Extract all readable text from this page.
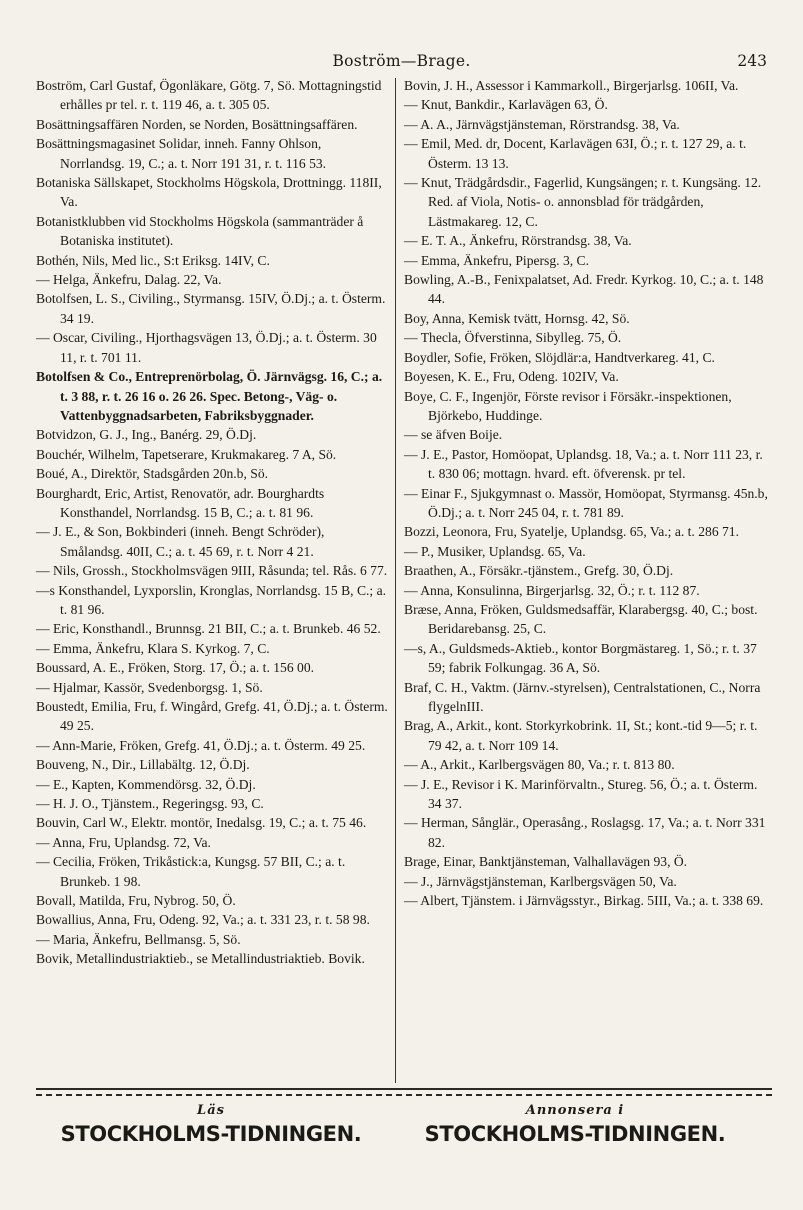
Boström—Brage.	243
Boström, Carl Gustaf, Ögonläkare, Götg. 7, Sö. Mottagningstid erhålles pr tel. r. t. 119 46, a. t. 305 05.
Bosättningsaffären Norden, se Norden, Bosättningsaffären.
Bosättningsmagasinet Solidar, inneh. Fanny Ohlson, Norrlandsg. 19, C.; a. t. Norr 191 31, r. t. 116 53.
Botaniska Sällskapet, Stockholms Högskola, Drottningg. 118II, Va.
Botanistklubben vid Stockholms Högskola (sammanträder å Botaniska institutet).
Bothén, Nils, Med lic., S:t Eriksg. 14IV, C.
— Helga, Änkefru, Dalag. 22, Va.
Botolfsen, L. S., Civiling., Styrmansg. 15IV, Ö.Dj.; a. t. Österm. 34 19.
— Oscar, Civiling., Hjorthagsvägen 13, Ö.Dj.; a. t. Österm. 30 11, r. t. 701 11.
Botolfsen & Co., Entreprenörbolag, Ö. Järnvägsg. 16, C.; a. t. 3 88, r. t. 26 16 o. 26 26. Spec. Betong-, Väg- o. Vattenbyggnadsarbeten, Fabriksbyggnader.
Botvidzon, G. J., Ing., Banérg. 29, Ö.Dj.
Bouchér, Wilhelm, Tapetserare, Krukmakareg. 7 A, Sö.
Boué, A., Direktör, Stadsgården 20n.b, Sö.
Bourghardt, Eric, Artist, Renovatör, adr. Bourghardts Konsthandel, Norrlandsg. 15 B, C.; a. t. 81 96.
— J. E., & Son, Bokbinderi (inneh. Bengt Schröder), Smålandsg. 40II, C.; a. t. 45 69, r. t. Norr 4 21.
— Nils, Grossh., Stockholmsvägen 9III, Råsunda; tel. Rås. 6 77.
—s Konsthandel, Lyxporslin, Kronglas, Norrlandsg. 15 B, C.; a. t. 81 96.
— Eric, Konsthandl., Brunnsg. 21 BII, C.; a. t. Brunkeb. 46 52.
— Emma, Änkefru, Klara S. Kyrkog. 7, C.
Boussard, A. E., Fröken, Storg. 17, Ö.; a. t. 156 00.
— Hjalmar, Kassör, Svedenborgsg. 1, Sö.
Boustedt, Emilia, Fru, f. Wingård, Grefg. 41, Ö.Dj.; a. t. Österm. 49 25.
— Ann-Marie, Fröken, Grefg. 41, Ö.Dj.; a. t. Österm. 49 25.
Bouveng, N., Dir., Lillabältg. 12, Ö.Dj.
— E., Kapten, Kommendörsg. 32, Ö.Dj.
— H. J. O., Tjänstem., Regeringsg. 93, C.
Bouvin, Carl W., Elektr. montör, Inedalsg. 19, C.; a. t. 75 46.
— Anna, Fru, Uplandsg. 72, Va.
— Cecilia, Fröken, Trikåstick:a, Kungsg. 57 BII, C.; a. t. Brunkeb. 1 98.
Bovall, Matilda, Fru, Nybrog. 50, Ö.
Bowallius, Anna, Fru, Odeng. 92, Va.; a. t. 331 23, r. t. 58 98.
— Maria, Änkefru, Bellmansg. 5, Sö.
Bovik, Metallindustriaktieb., se Metallindustriaktieb. Bovik.
Bovin, J. H., Assessor i Kammarkoll., Birgerjarlsg. 106II, Va.
— Knut, Bankdir., Karlavägen 63, Ö.
— A. A., Järnvägstjänsteman, Rörstrandsg. 38, Va.
— Emil, Med. dr, Docent, Karlavägen 63I, Ö.; r. t. 127 29, a. t. Österm. 13 13.
— Knut, Trädgårdsdir., Fagerlid, Kungsängen; r. t. Kungsäng. 12. Red. af Viola, Notis- o. annonsblad för trädgården, Lästmakareg. 12, C.
— E. T. A., Änkefru, Rörstrandsg. 38, Va.
— Emma, Änkefru, Pipersg. 3, C.
Bowling, A.-B., Fenixpalatset, Ad. Fredr. Kyrkog. 10, C.; a. t. 148 44.
Boy, Anna, Kemisk tvätt, Hornsg. 42, Sö.
— Thecla, Öfverstinna, Sibylleg. 75, Ö.
Boydler, Sofie, Fröken, Slöjdlär:a, Handtverkareg. 41, C.
Boyesen, K. E., Fru, Odeng. 102IV, Va.
Boye, C. F., Ingenjör, Förste revisor i Försäkr.-inspektionen, Björkebo, Huddinge.
— se äfven Boije.
— J. E., Pastor, Homöopat, Uplandsg. 18, Va.; a. t. Norr 111 23, r. t. 830 06; mottagn. hvard. eft. öfverensk. pr tel.
— Einar F., Sjukgymnast o. Massör, Homöopat, Styrmansg. 45n.b, Ö.Dj.; a. t. Norr 245 04, r. t. 781 89.
Bozzi, Leonora, Fru, Syatelje, Uplandsg. 65, Va.; a. t. 286 71.
— P., Musiker, Uplandsg. 65, Va.
Braathen, A., Försäkr.-tjänstem., Grefg. 30, Ö.Dj.
— Anna, Konsulinna, Birgerjarlsg. 32, Ö.; r. t. 112 87.
Bræse, Anna, Fröken, Guldsmedsaffär, Klarabergsg. 40, C.; bost. Beridarebansg. 25, C.
—s, A., Guldsmeds-Aktieb., kontor Borgmästareg. 1, Sö.; r. t. 37 59; fabrik Folkungag. 36 A, Sö.
Braf, C. H., Vaktm. (Järnv.-styrelsen), Centralstationen, C., Norra flygelnIII.
Brag, A., Arkit., kont. Storkyrkobrink. 1I, St.; kont.-tid 9—5; r. t. 79 42, a. t. Norr 109 14.
— A., Arkit., Karlbergsvägen 80, Va.; r. t. 813 80.
— J. E., Revisor i K. Marinförvaltn., Stureg. 56, Ö.; a. t. Österm. 34 37.
— Herman, Sånglär., Operasång., Roslagsg. 17, Va.; a. t. Norr 331 82.
Brage, Einar, Banktjänsteman, Valhallavägen 93, Ö.
— J., Järnvägstjänsteman, Karlbergsvägen 50, Va.
— Albert, Tjänstem. i Järnvägsstyr., Birkag. 5III, Va.; a. t. 338 69.
Läs	Annonsera i
STOCKHOLMS-TIDNINGEN.	STOCKHOLMS-TIDNINGEN.
